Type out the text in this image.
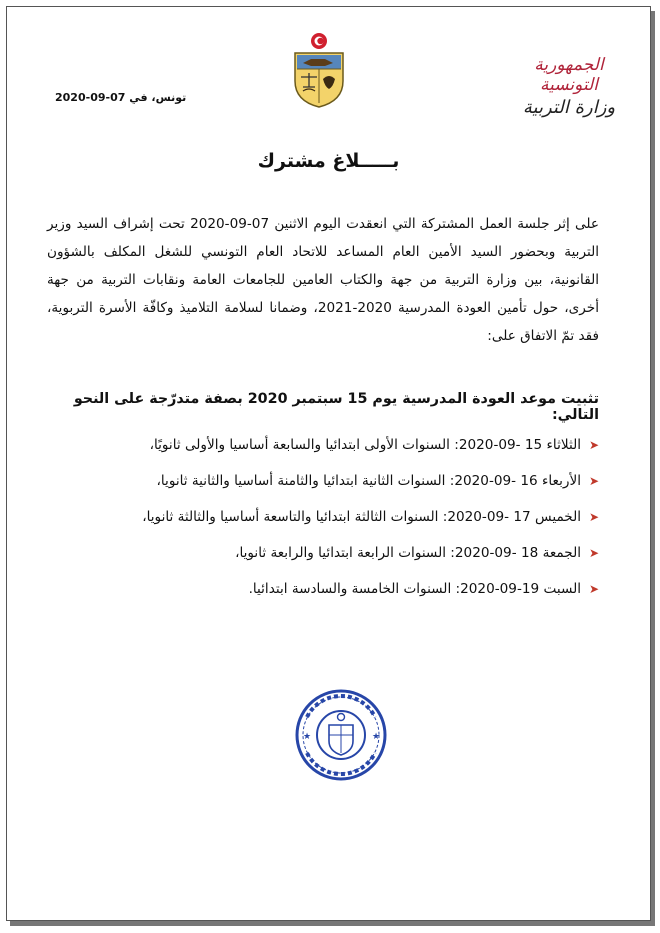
الجمهورية التونسية
وزارة التربية
تونس، في 07-09-2020
بـــــلاغ مشترك
على إثر جلسة العمل المشتركة التي انعقدت اليوم الاثنين 07-09-2020 تحت إشراف السيد وزير التربية وبحضور السيد الأمين العام المساعد للاتحاد العام التونسي للشغل المكلف بالشؤون القانونية، بين وزارة التربية من جهة والكتاب العامين للجامعات العامة ونقابات التربية من جهة أخرى، حول تأمين العودة المدرسية 2020-2021، وضمانا لسلامة التلاميذ وكافّة الأسرة التربوية، فقد تمّ الاتفاق على:
تثبيت موعد العودة المدرسية يوم 15 سبتمبر 2020 بصفة متدرّجة على النحو التالي:
➤
الثلاثاء 15 -09-2020: السنوات الأولى ابتدائيا والسابعة أساسيا والأولى ثانويًا،
➤
الأربعاء 16 -09-2020: السنوات الثانية ابتدائيا والثامنة أساسيا والثانية ثانويا،
➤
الخميس 17 -09-2020: السنوات الثالثة ابتدائيا والتاسعة أساسيا والثالثة ثانويا،
➤
الجمعة 18 -09-2020: السنوات الرابعة ابتدائيا والرابعة ثانويا،
➤
السبت 19-09-2020: السنوات الخامسة والسادسة ابتدائيا.
★	★
